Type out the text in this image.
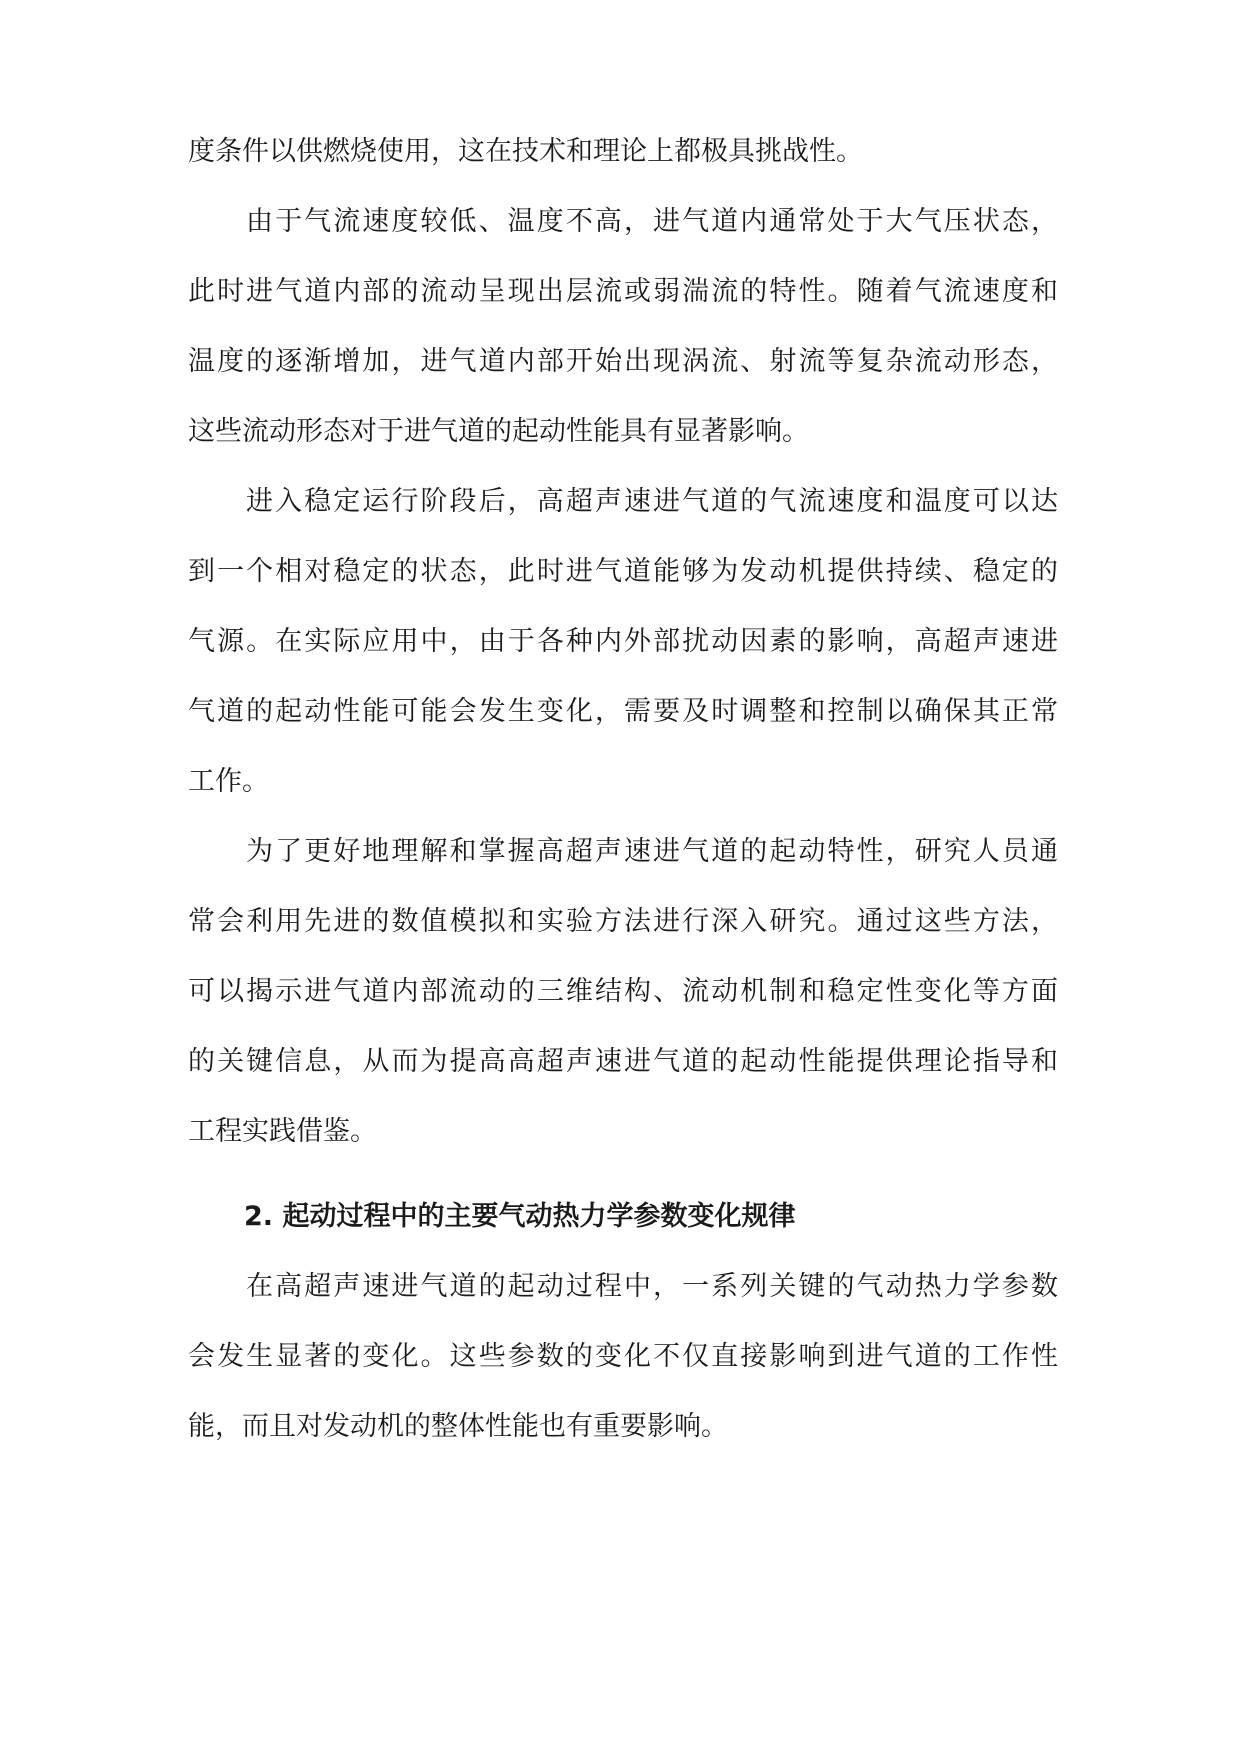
度条件以供燃烧使用，这在技术和理论上都极具挑战性。
由于气流速度较低、温度不高，进气道内通常处于大气压状态，
此时进气道内部的流动呈现出层流或弱湍流的特性。随着气流速度和
温度的逐渐增加，进气道内部开始出现涡流、射流等复杂流动形态，
这些流动形态对于进气道的起动性能具有显著影响。
进入稳定运行阶段后，高超声速进气道的气流速度和温度可以达
到一个相对稳定的状态，此时进气道能够为发动机提供持续、稳定的
气源。在实际应用中，由于各种内外部扰动因素的影响，高超声速进
气道的起动性能可能会发生变化，需要及时调整和控制以确保其正常
工作。
为了更好地理解和掌握高超声速进气道的起动特性，研究人员通
常会利用先进的数值模拟和实验方法进行深入研究。通过这些方法，
可以揭示进气道内部流动的三维结构、流动机制和稳定性变化等方面
的关键信息，从而为提高高超声速进气道的起动性能提供理论指导和
工程实践借鉴。
2. 起动过程中的主要气动热力学参数变化规律
在高超声速进气道的起动过程中，一系列关键的气动热力学参数
会发生显著的变化。这些参数的变化不仅直接影响到进气道的工作性
能，而且对发动机的整体性能也有重要影响。
